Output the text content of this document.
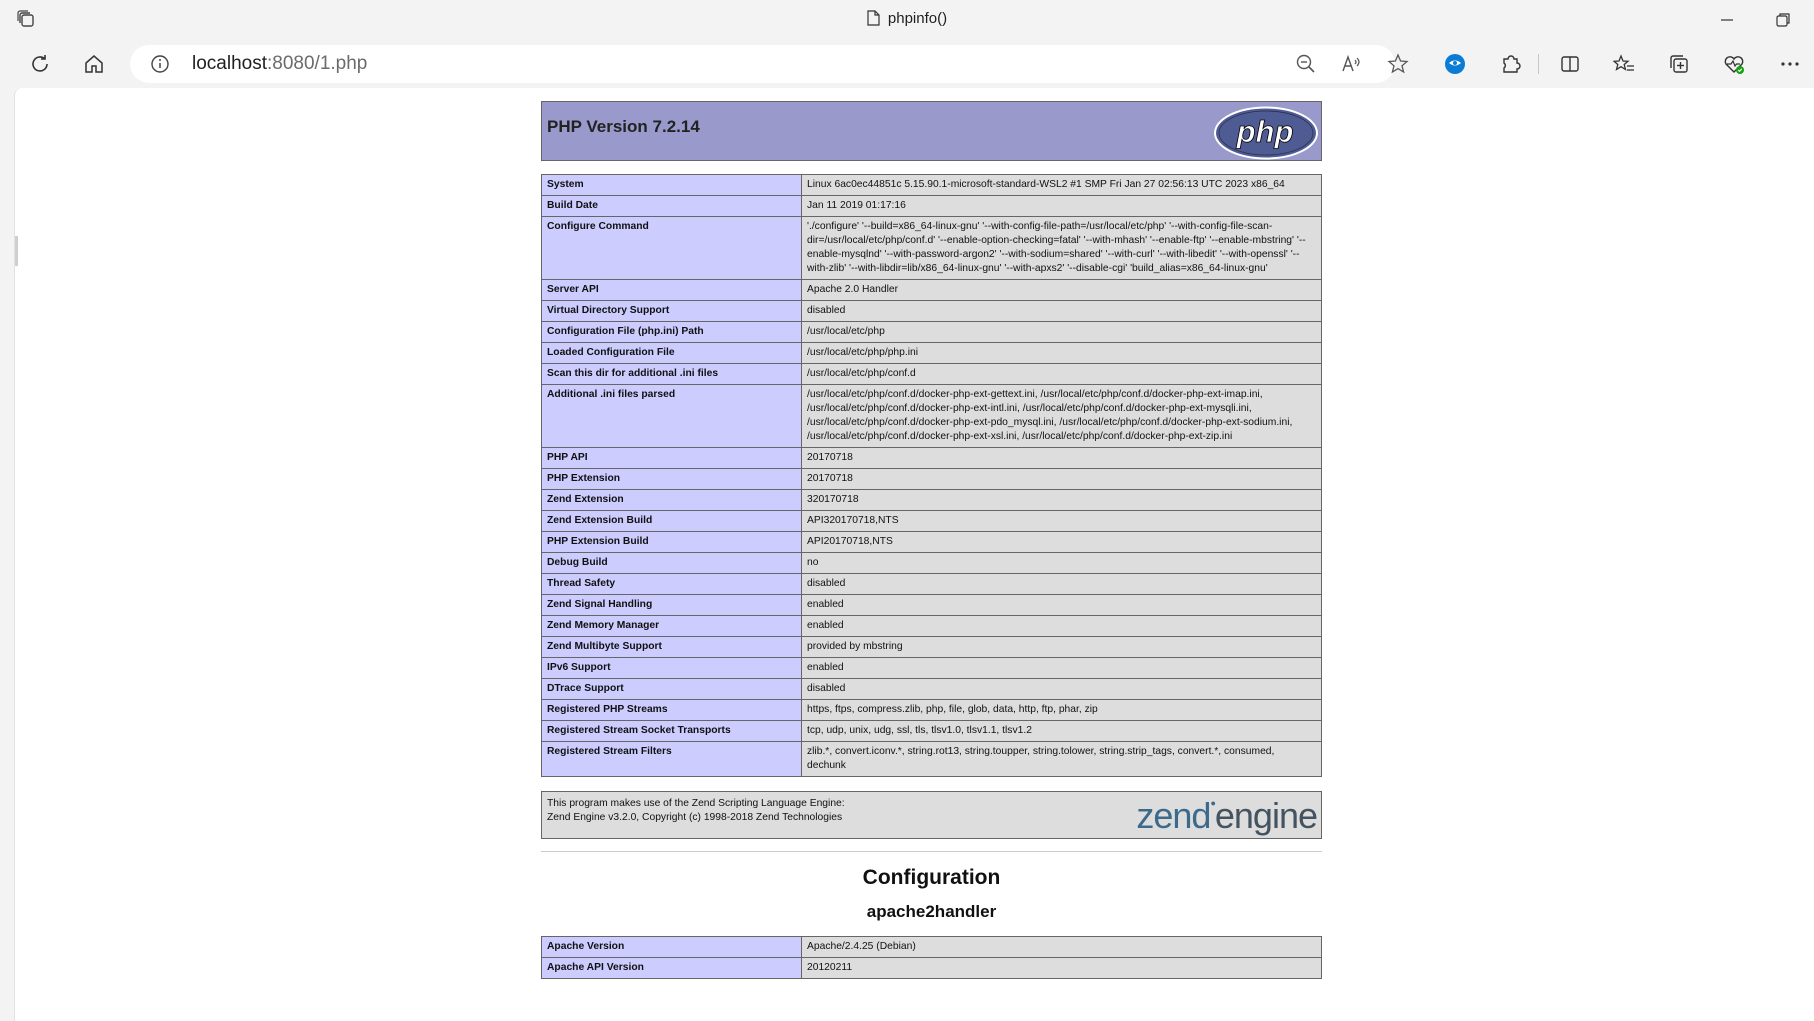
phpinfo()
localhost:8080/1.php
PHP Version 7.2.14	php
System	Linux 6ac0ec44851c 5.15.90.1-microsoft-standard-WSL2 #1 SMP Fri Jan 27 02:56:13 UTC 2023 x86_64
Build Date	Jan 11 2019 01:17:16
Configure Command	'./configure' '--build=x86_64-linux-gnu' '--with-config-file-path=/usr/local/etc/php' '--with-config-file-scan-dir=/usr/local/etc/php/conf.d' '--enable-option-checking=fatal' '--with-mhash' '--enable-ftp' '--enable-mbstring' '--enable-mysqlnd' '--with-password-argon2' '--with-sodium=shared' '--with-curl' '--with-libedit' '--with-openssl' '--with-zlib' '--with-libdir=lib/x86_64-linux-gnu' '--with-apxs2' '--disable-cgi' 'build_alias=x86_64-linux-gnu'
Server API	Apache 2.0 Handler
Virtual Directory Support	disabled
Configuration File (php.ini) Path	/usr/local/etc/php
Loaded Configuration File	/usr/local/etc/php/php.ini
Scan this dir for additional .ini files	/usr/local/etc/php/conf.d
Additional .ini files parsed	/usr/local/etc/php/conf.d/docker-php-ext-gettext.ini, /usr/local/etc/php/conf.d/docker-php-ext-imap.ini, /usr/local/etc/php/conf.d/docker-php-ext-intl.ini, /usr/local/etc/php/conf.d/docker-php-ext-mysqli.ini, /usr/local/etc/php/conf.d/docker-php-ext-pdo_mysql.ini, /usr/local/etc/php/conf.d/docker-php-ext-sodium.ini, /usr/local/etc/php/conf.d/docker-php-ext-xsl.ini, /usr/local/etc/php/conf.d/docker-php-ext-zip.ini
PHP API	20170718
PHP Extension	20170718
Zend Extension	320170718
Zend Extension Build	API320170718,NTS
PHP Extension Build	API20170718,NTS
Debug Build	no
Thread Safety	disabled
Zend Signal Handling	enabled
Zend Memory Manager	enabled
Zend Multibyte Support	provided by mbstring
IPv6 Support	enabled
DTrace Support	disabled
Registered PHP Streams	https, ftps, compress.zlib, php, file, glob, data, http, ftp, phar, zip
Registered Stream Socket Transports	tcp, udp, unix, udg, ssl, tls, tlsv1.0, tlsv1.1, tlsv1.2
Registered Stream Filters	zlib.*, convert.iconv.*, string.rot13, string.toupper, string.tolower, string.strip_tags, convert.*, consumed, dechunk
This program makes use of the Zend Scripting Language Engine:
Zend Engine v3.2.0, Copyright (c) 1998-2018 Zend Technologies	zend●engine
Configuration
apache2handler
Apache Version	Apache/2.4.25 (Debian)
Apache API Version	20120211
